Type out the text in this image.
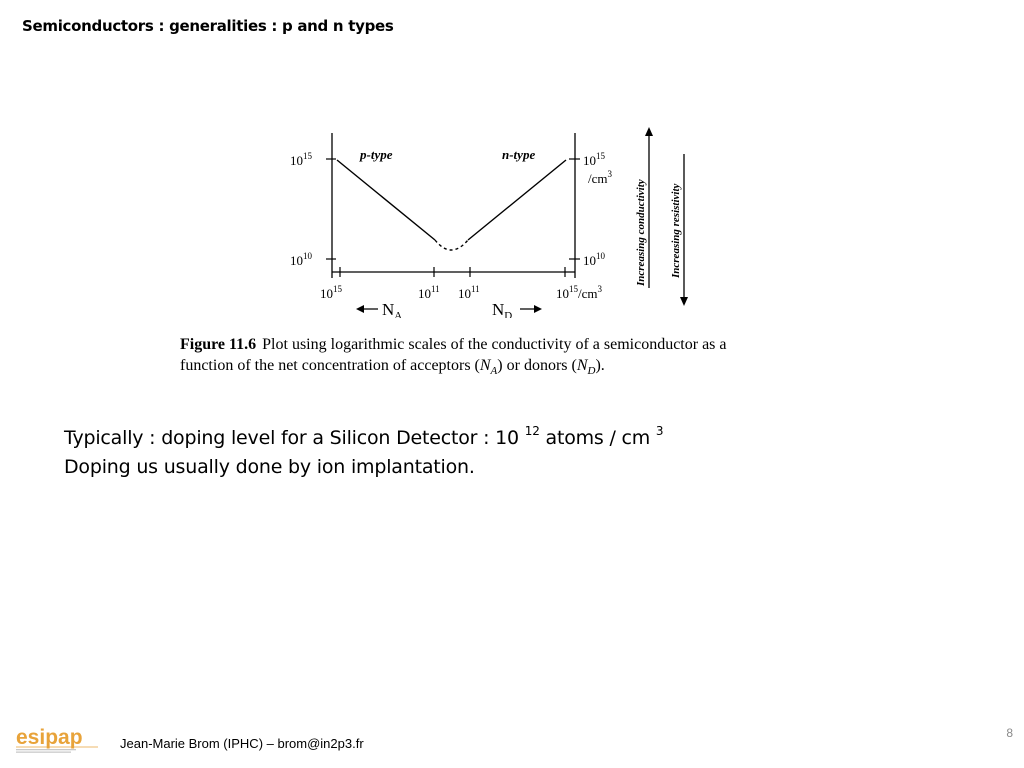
Semiconductors : generalities : p and n types
$10^{15}$
$10^{10}$
$10^{15}$
$/cm^3$
$10^{10}$
p-type	n-type
$10^{15}$	$10^{11}$ $10^{11}$	$10^{15}/cm^3$
$N_A$	$N_D$
Increasing conductivity Increasing resistivity
Figure 11.6 Plot using logarithmic scales of the conductivity of a semiconductor as a
function of the net concentration of acceptors $(N_A)$ or donors $(N_D)$.
Typically : doping level for a Silicon Detector : 10 $^{12}$ atoms / cm $^3$
Doping us usually done by ion implantation.
8
esipap	Jean-Marie Brom (IPHC) – brom@in2p3.fr
